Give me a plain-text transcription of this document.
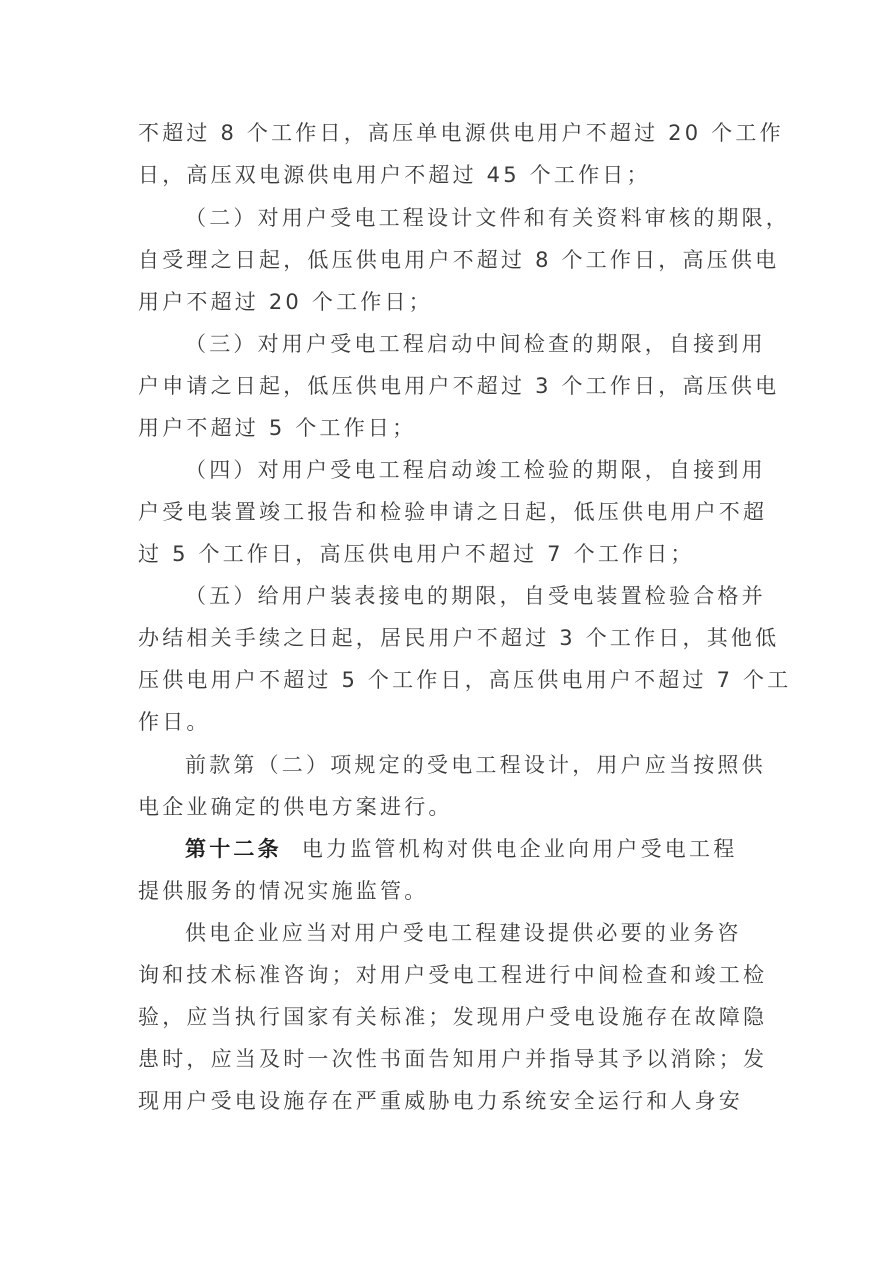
不超过 8 个工作日，高压单电源供电用户不超过 20 个工作
日，高压双电源供电用户不超过 45 个工作日；
（二）对用户受电工程设计文件和有关资料审核的期限，
自受理之日起，低压供电用户不超过 8 个工作日，高压供电
用户不超过 20 个工作日；
（三）对用户受电工程启动中间检查的期限，自接到用
户申请之日起，低压供电用户不超过 3 个工作日，高压供电
用户不超过 5 个工作日；
（四）对用户受电工程启动竣工检验的期限，自接到用
户受电装置竣工报告和检验申请之日起，低压供电用户不超
过 5 个工作日，高压供电用户不超过 7 个工作日；
（五）给用户装表接电的期限，自受电装置检验合格并
办结相关手续之日起，居民用户不超过 3 个工作日，其他低
压供电用户不超过 5 个工作日，高压供电用户不超过 7 个工
作日。
前款第（二）项规定的受电工程设计，用户应当按照供
电企业确定的供电方案进行。
第十二条 电力监管机构对供电企业向用户受电工程
提供服务的情况实施监管。
供电企业应当对用户受电工程建设提供必要的业务咨
询和技术标准咨询；对用户受电工程进行中间检查和竣工检
验，应当执行国家有关标准；发现用户受电设施存在故障隐
患时，应当及时一次性书面告知用户并指导其予以消除；发
现用户受电设施存在严重威胁电力系统安全运行和人身安
